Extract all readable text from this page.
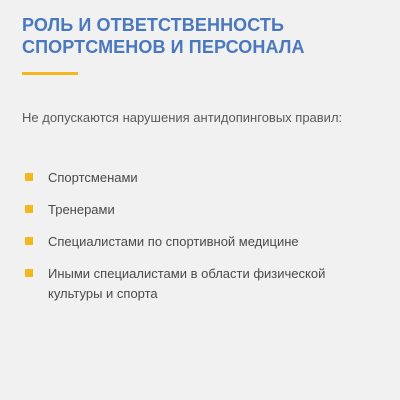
РОЛЬ И ОТВЕТСТВЕННОСТЬ
СПОРТСМЕНОВ И ПЕРСОНАЛА

Не допускаются нарушения антидопинговых правил:

Спортсменами
Тренерами
Специалистами по спортивной медицине
Иными специалистами в области физической культуры и спорта
